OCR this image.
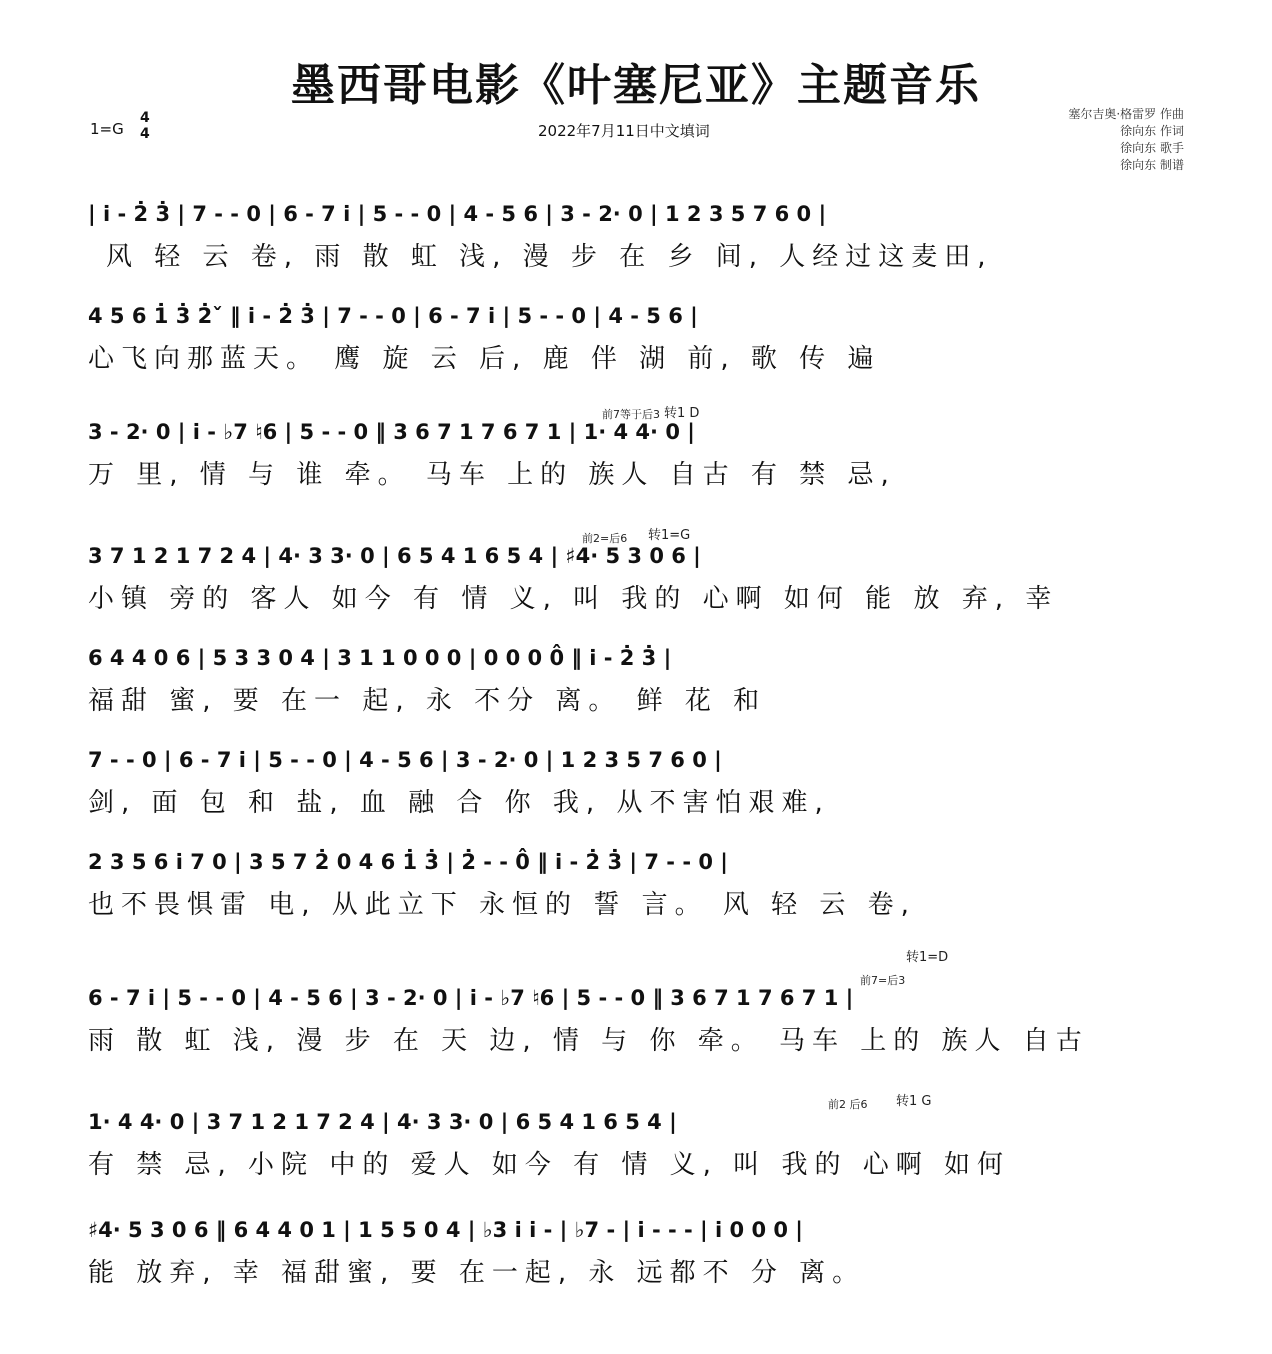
墨西哥电影《叶塞尼亚》主题音乐
1=G
4
4	2022年7月11日中文填词
塞尔吉奥·格雷罗 作曲
徐向东 作词
徐向东 歌手
徐向东 制谱
| i̇ - 2̇ 3̇ | 7 - - 0 | 6 - 7 i̇ | 5 - - 0 | 4 - 5 6 | 3 - 2· 0 | 1 2 3 5 7 6 0 |
风 轻 云 卷, 雨 散 虹 浅, 漫 步 在 乡 间, 人经过这麦田,
4 5 6 1̇ 3̇ 2̇ˇ ‖ i̇ - 2̇ 3̇ | 7 - - 0 | 6 - 7 i̇ | 5 - - 0 | 4 - 5 6 |
心飞向那蓝天。 鹰 旋 云 后, 鹿 伴 湖 前, 歌 传 遍
前7等于后3 转1 D
3 - 2· 0 | i̇ - ♭7 ♮6 | 5 - - 0 ‖ 3 6 7 1 7 6 7 1 | 1· 4 4· 0 |
万 里, 情 与 谁 牵。 马车 上的 族人 自古 有 禁 忌,
前2=后6 转1=G
3 7 1 2 1 7 2 4 | 4· 3 3· 0 | 6 5 4 1 6 5 4 | ♯4· 5 3 0 6 |
小镇 旁的 客人 如今 有 情 义, 叫 我的 心啊 如何 能 放 弃, 幸
6 4 4 0 6 | 5 3 3 0 4 | 3 1 1 0 0 0 | 0 0 0 0̂ ‖ i̇ - 2̇ 3̇ |
福甜 蜜, 要 在一 起, 永 不分 离。 鲜 花 和
7 - - 0 | 6 - 7 i̇ | 5 - - 0 | 4 - 5 6 | 3 - 2· 0 | 1 2 3 5 7 6 0 |
剑, 面 包 和 盐, 血 融 合 你 我, 从不害怕艰难,
2 3 5 6 i̇ 7 0 | 3 5 7 2̇ 0 4 6 1̇ 3̇ | 2̇ - - 0̂ ‖ i̇ - 2̇ 3̇ | 7 - - 0 |
也不畏惧雷 电, 从此立下 永恒的 誓 言。 风 轻 云 卷,
转1=D
前7=后3
6 - 7 i̇ | 5 - - 0 | 4 - 5 6 | 3 - 2· 0 | i̇ - ♭7 ♮6 | 5 - - 0 ‖ 3 6 7 1 7 6 7 1 |
雨 散 虹 浅, 漫 步 在 天 边, 情 与 你 牵。 马车 上的 族人 自古
前2 后6 转1 G
1· 4 4· 0 | 3 7 1 2 1 7 2 4 | 4· 3 3· 0 | 6 5 4 1 6 5 4 |
有 禁 忌, 小院 中的 爱人 如今 有 情 义, 叫 我的 心啊 如何
♯4· 5 3 0 6 ‖ 6 4 4 0 1 | 1 5 5 0 4 | ♭3 i̇ i̇ - | ♭7 - | i̇ - - - | i̇ 0 0 0 |
能 放弃, 幸 福甜蜜, 要 在一起, 永 远都不 分 离。
